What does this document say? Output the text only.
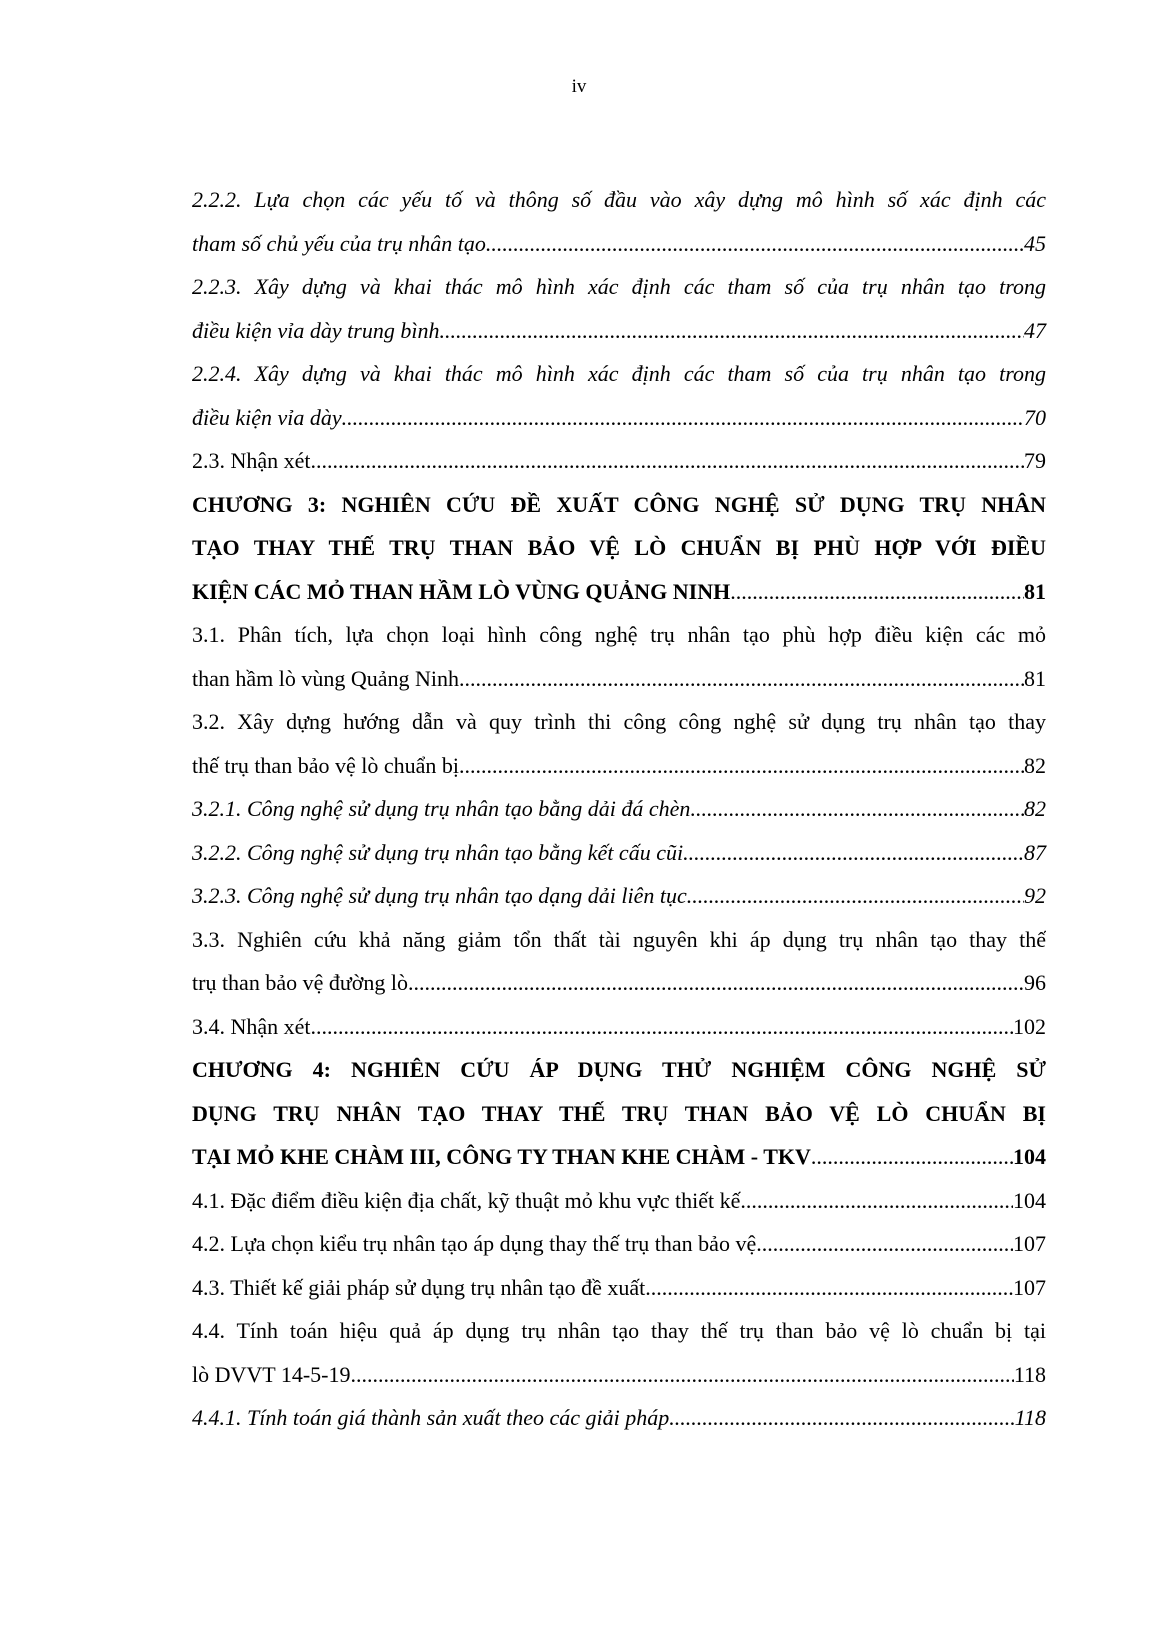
iv
2.2.2. Lựa chọn các yếu tố và thông số đầu vào xây dựng mô hình số xác định các
tham số chủ yếu của trụ nhân tạo .....	45
2.2.3. Xây dựng và khai thác mô hình xác định các tham số của trụ nhân tạo trong
điều kiện vỉa dày trung bình .....	47
2.2.4. Xây dựng và khai thác mô hình xác định các tham số của trụ nhân tạo trong
điều kiện vỉa dày .....	70
2.3. Nhận xét .....	79
CHƯƠNG 3: NGHIÊN CỨU ĐỀ XUẤT CÔNG NGHỆ SỬ DỤNG TRỤ NHÂN
TẠO THAY THẾ TRỤ THAN BẢO VỆ LÒ CHUẨN BỊ PHÙ HỢP VỚI ĐIỀU
KIỆN CÁC MỎ THAN HẦM LÒ VÙNG QUẢNG NINH .....	81
3.1. Phân tích, lựa chọn loại hình công nghệ trụ nhân tạo phù hợp điều kiện các mỏ
than hầm lò vùng Quảng Ninh .....	81
3.2. Xây dựng hướng dẫn và quy trình thi công công nghệ sử dụng trụ nhân tạo thay
thế trụ than bảo vệ lò chuẩn bị .....	82
3.2.1. Công nghệ sử dụng trụ nhân tạo bằng dải đá chèn .....	82
3.2.2. Công nghệ sử dụng trụ nhân tạo bằng kết cấu cũi .....	87
3.2.3. Công nghệ sử dụng trụ nhân tạo dạng dải liên tục .....	92
3.3. Nghiên cứu khả năng giảm tổn thất tài nguyên khi áp dụng trụ nhân tạo thay thế
trụ than bảo vệ đường lò .....	96
3.4. Nhận xét .....	102
CHƯƠNG 4: NGHIÊN CỨU ÁP DỤNG THỬ NGHIỆM CÔNG NGHỆ SỬ
DỤNG TRỤ NHÂN TẠO THAY THẾ TRỤ THAN BẢO VỆ LÒ CHUẨN BỊ
TẠI MỎ KHE CHÀM III, CÔNG TY THAN KHE CHÀM - TKV .....	104
4.1. Đặc điểm điều kiện địa chất, kỹ thuật mỏ khu vực thiết kế .....	104
4.2. Lựa chọn kiểu trụ nhân tạo áp dụng thay thế trụ than bảo vệ .....	107
4.3. Thiết kế giải pháp sử dụng trụ nhân tạo đề xuất .....	107
4.4. Tính toán hiệu quả áp dụng trụ nhân tạo thay thế trụ than bảo vệ lò chuẩn bị tại
lò DVVT 14-5-19 .....	118
4.4.1. Tính toán giá thành sản xuất theo các giải pháp .....	118
